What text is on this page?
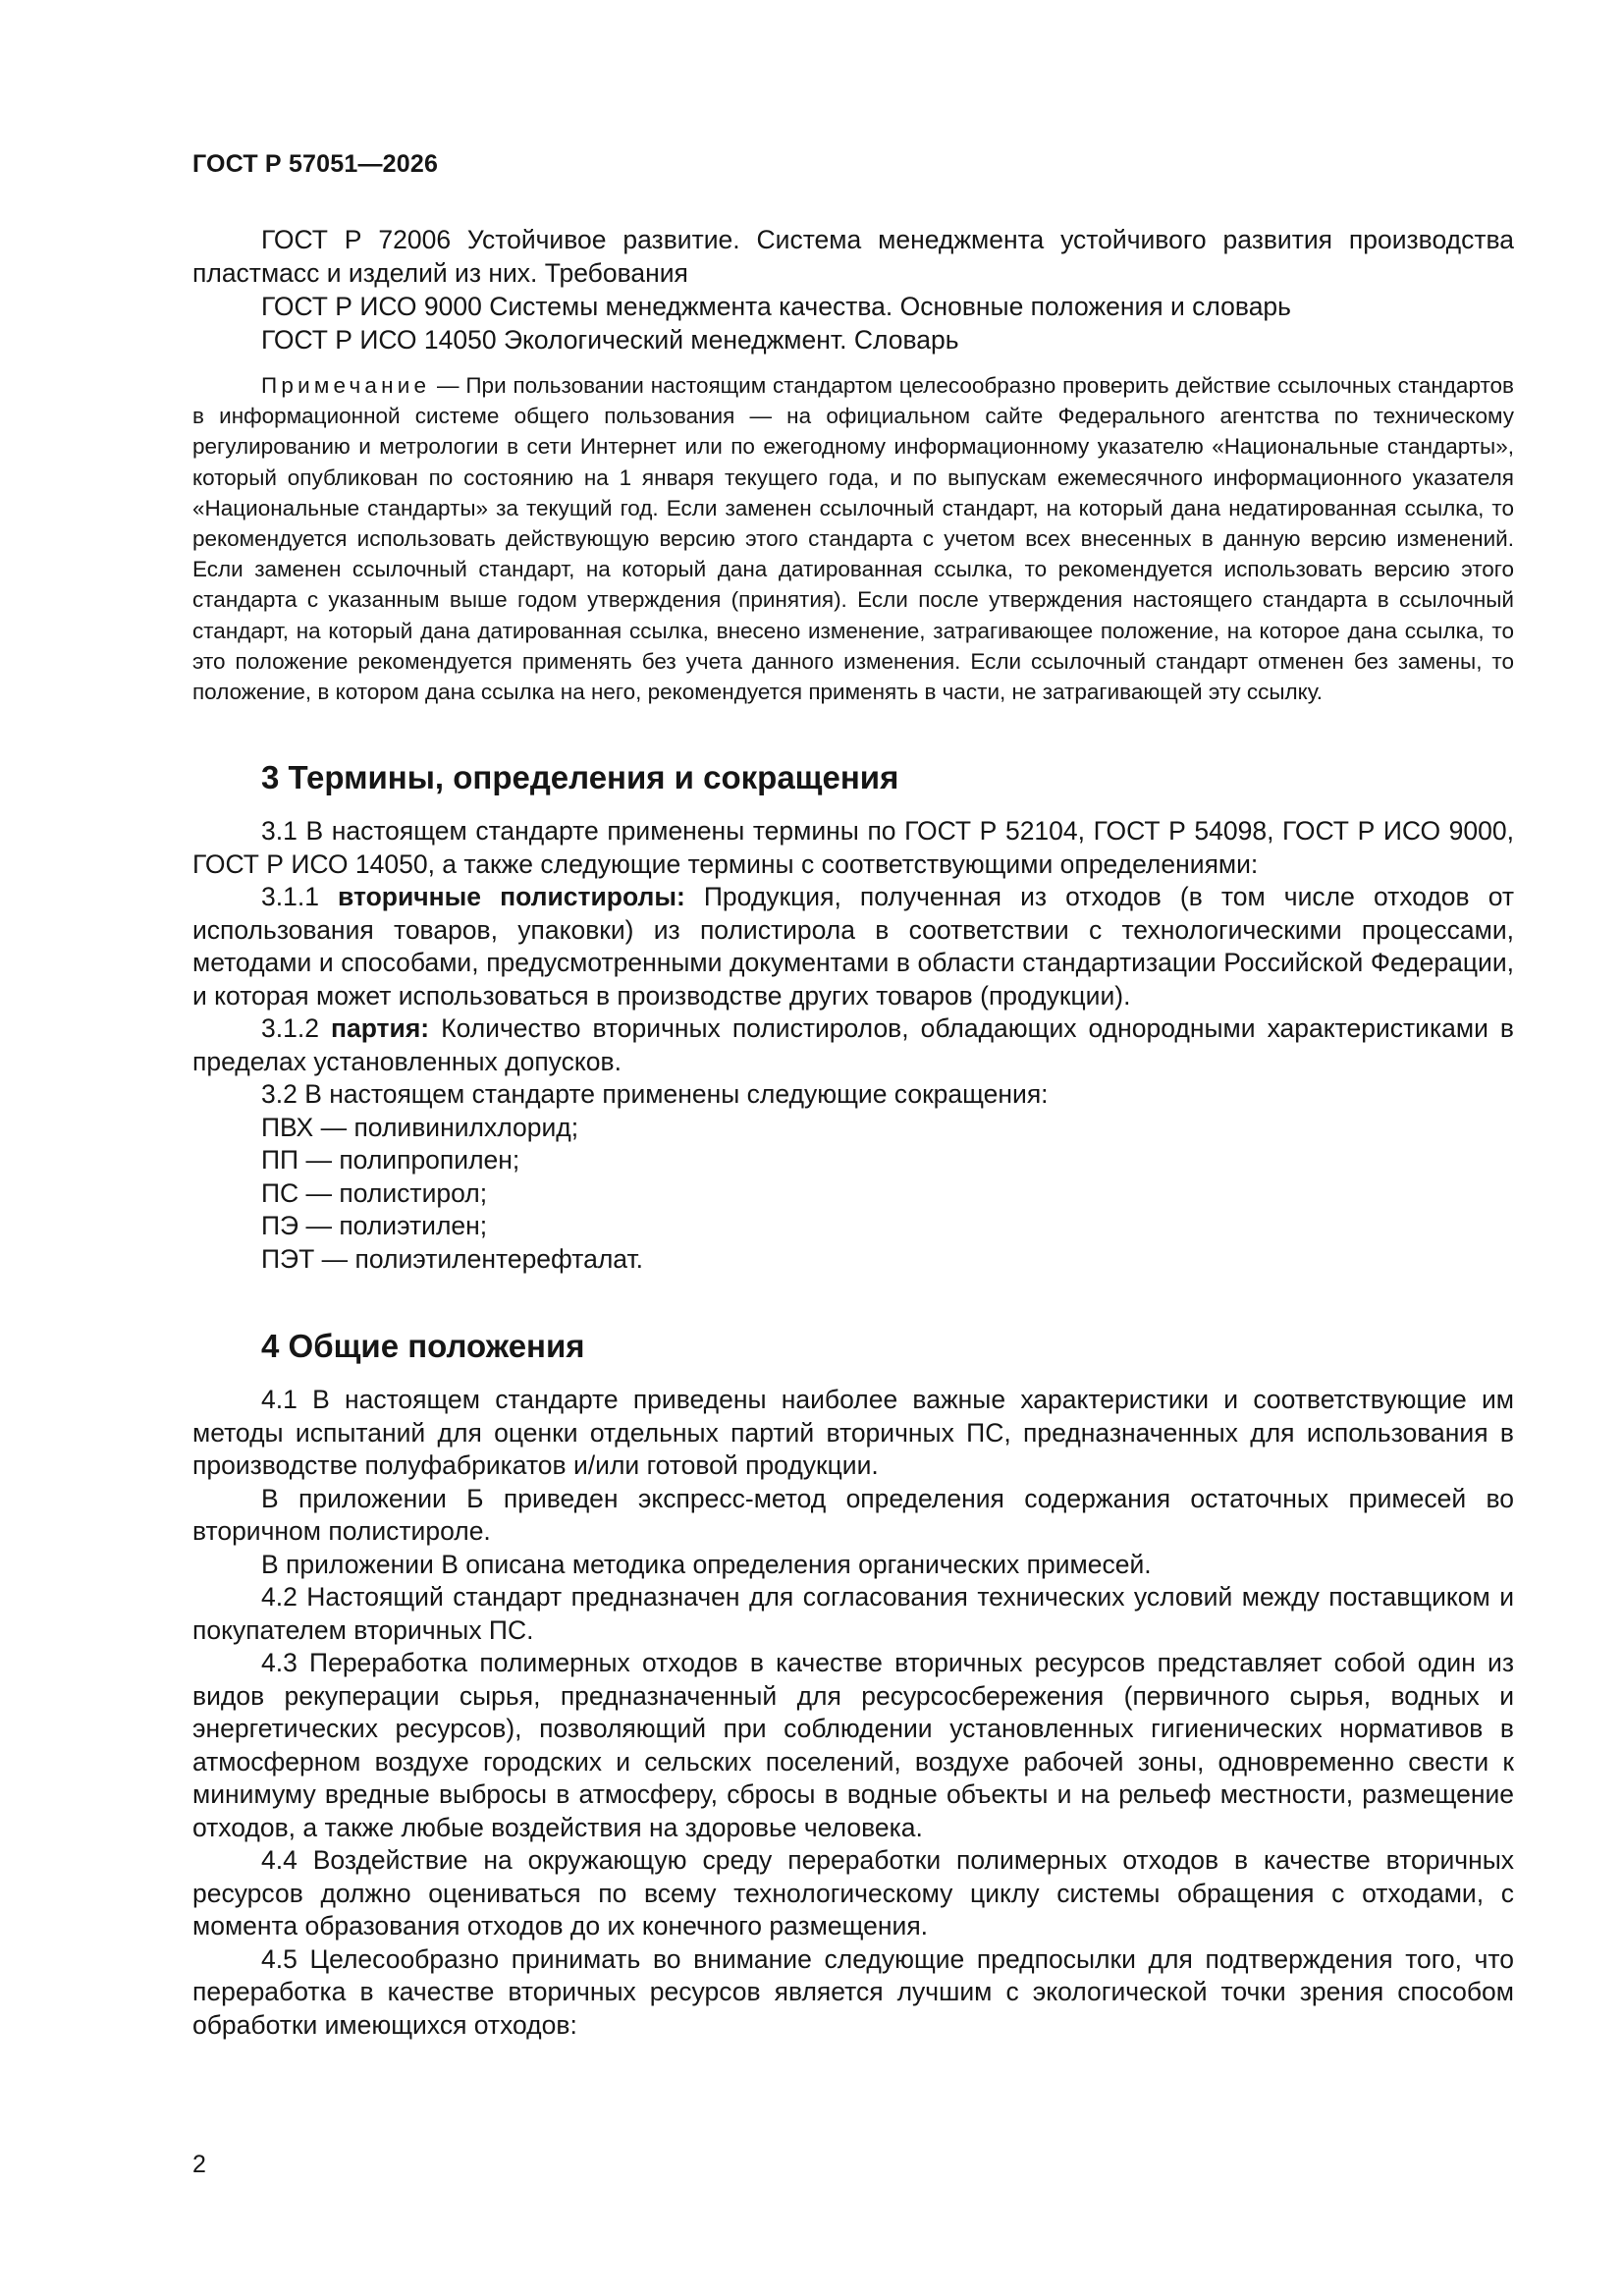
ГОСТ Р 57051—2026

ГОСТ Р 72006 Устойчивое развитие. Система менеджмента устойчивого развития производства пластмасс и изделий из них. Требования

ГОСТ Р ИСО 9000 Системы менеджмента качества. Основные положения и словарь

ГОСТ Р ИСО 14050 Экологический менеджмент. Словарь

Примечание — При пользовании настоящим стандартом целесообразно проверить действие ссылочных стандартов в информационной системе общего пользования — на официальном сайте Федерального агентства по техническому регулированию и метрологии в сети Интернет или по ежегодному информационному указателю «Национальные стандарты», который опубликован по состоянию на 1 января текущего года, и по выпускам ежемесячного информационного указателя «Национальные стандарты» за текущий год. Если заменен ссылочный стандарт, на который дана недатированная ссылка, то рекомендуется использовать действующую версию этого стандарта с учетом всех внесенных в данную версию изменений. Если заменен ссылочный стандарт, на который дана датированная ссылка, то рекомендуется использовать версию этого стандарта с указанным выше годом утверждения (принятия). Если после утверждения настоящего стандарта в ссылочный стандарт, на который дана датированная ссылка, внесено изменение, затрагивающее положение, на которое дана ссылка, то это положение рекомендуется применять без учета данного изменения. Если ссылочный стандарт отменен без замены, то положение, в котором дана ссылка на него, рекомендуется применять в части, не затрагивающей эту ссылку.

3 Термины, определения и сокращения

3.1 В настоящем стандарте применены термины по ГОСТ Р 52104, ГОСТ Р 54098, ГОСТ Р ИСО 9000, ГОСТ Р ИСО 14050, а также следующие термины с соответствующими определениями:

3.1.1 вторичные полистиролы: Продукция, полученная из отходов (в том числе отходов от использования товаров, упаковки) из полистирола в соответствии с технологическими процессами, методами и способами, предусмотренными документами в области стандартизации Российской Федерации, и которая может использоваться в производстве других товаров (продукции).

3.1.2 партия: Количество вторичных полистиролов, обладающих однородными характеристиками в пределах установленных допусков.

3.2 В настоящем стандарте применены следующие сокращения:

ПВХ — поливинилхлорид;

ПП — полипропилен;

ПС — полистирол;

ПЭ — полиэтилен;

ПЭТ — полиэтилентерефталат.

4 Общие положения

4.1 В настоящем стандарте приведены наиболее важные характеристики и соответствующие им методы испытаний для оценки отдельных партий вторичных ПС, предназначенных для использования в производстве полуфабрикатов и/или готовой продукции.

В приложении Б приведен экспресс-метод определения содержания остаточных примесей во вторичном полистироле.

В приложении В описана методика определения органических примесей.

4.2 Настоящий стандарт предназначен для согласования технических условий между поставщиком и покупателем вторичных ПС.

4.3 Переработка полимерных отходов в качестве вторичных ресурсов представляет собой один из видов рекуперации сырья, предназначенный для ресурсосбережения (первичного сырья, водных и энергетических ресурсов), позволяющий при соблюдении установленных гигиенических нормативов в атмосферном воздухе городских и сельских поселений, воздухе рабочей зоны, одновременно свести к минимуму вредные выбросы в атмосферу, сбросы в водные объекты и на рельеф местности, размещение отходов, а также любые воздействия на здоровье человека.

4.4 Воздействие на окружающую среду переработки полимерных отходов в качестве вторичных ресурсов должно оцениваться по всему технологическому циклу системы обращения с отходами, с момента образования отходов до их конечного размещения.

4.5 Целесообразно принимать во внимание следующие предпосылки для подтверждения того, что переработка в качестве вторичных ресурсов является лучшим с экологической точки зрения способом обработки имеющихся отходов:

2
